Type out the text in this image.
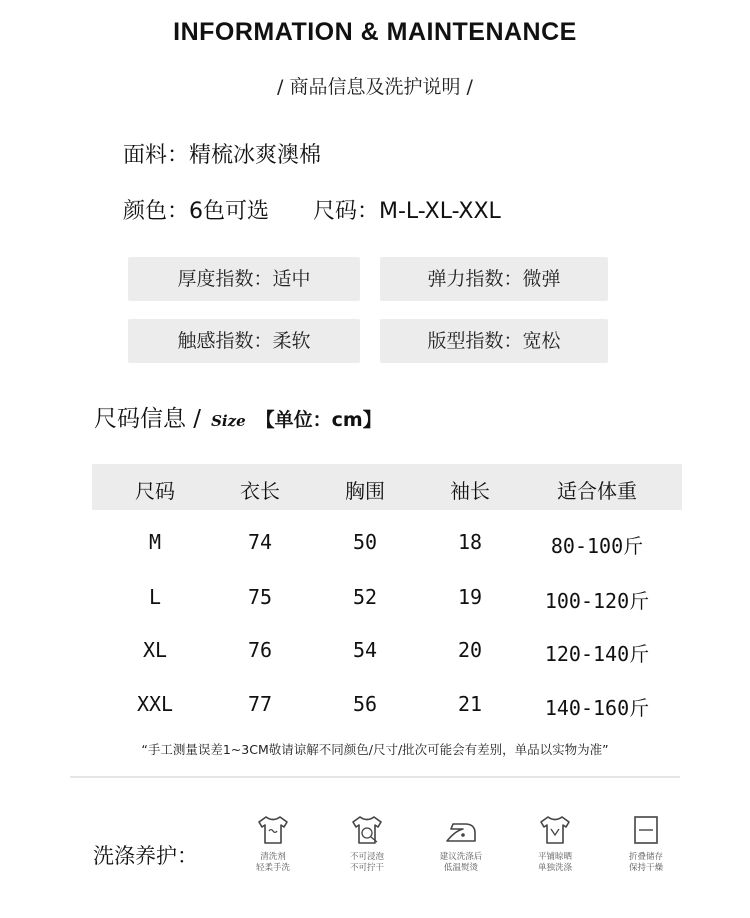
INFORMATION & MAINTENANCE
/ 商品信息及洗护说明 /
面料：精梳冰爽澳棉
颜色：6色可选 尺码：M-L-XL-XXL
厚度指数：适中	弹力指数：微弹
触感指数：柔软	版型指数：宽松
尺码信息 / Size 【单位：cm】
尺码	衣长	胸围	袖长	适合体重
M	74	50	18	80-100斤
L	75	52	19	100-120斤
XL	76	54	20	120-140斤
XXL	77	56	21	140-160斤
“手工测量误差1~3CM敬请谅解不同颜色/尺寸/批次可能会有差别，单品以实物为准”
洗涤养护：	清洗剂
轻柔手洗
不可浸泡
不可拧干
建议洗涤后
低温熨烫
平铺晾晒
单独洗涤
折叠储存
保持干燥
